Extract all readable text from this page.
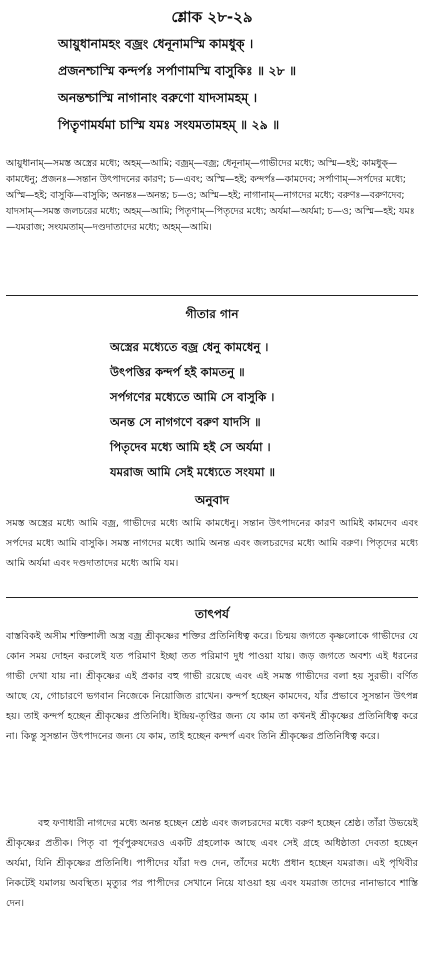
শ্লোক ২৮-২৯
আয়ুধানামহং বজ্রং ধেনূনামস্মি কামধুক্‌ ।
প্রজনশ্চাস্মি কন্দর্পঃ সর্পাণামস্মি বাসুকিঃ ॥ ২৮ ॥
অনন্তশ্চাস্মি নাগানাং বরুণো যাদসামহম্‌ ।
পিতৄণামর্যমা চাস্মি যমঃ সংযমতামহম্‌ ॥ ২৯ ॥
আয়ুধানাম্‌—সমস্ত অস্ত্রের মধ্যে; অহম্‌—আমি; বজ্রম্‌—বজ্র; ধেনূনাম্‌—গাভীদের মধ্যে; অস্মি—হই; কামধুক্‌—কামধেনু; প্রজনঃ—সন্তান উৎপাদনের কারণ; চ—এবং; অস্মি—হই; কন্দর্পঃ—কামদেব; সর্পাণাম্‌—সর্পদের মধ্যে; অস্মি—হই; বাসুকি—বাসুকি; অনন্তঃ—অনন্ত; চ—ও; অস্মি—হই; নাগানাম্‌—নাগদের মধ্যে; বরুণঃ—বরুণদেব; যাদসাম্‌—সমস্ত জলচরের মধ্যে; অহম্‌—আমি; পিতৄণাম্‌—পিতৃদের মধ্যে; অর্যমা—অর্যমা; চ—ও; অস্মি—হই; যমঃ—যমরাজ; সংযমতাম্‌—দণ্ডদাতাদের মধ্যে; অহম্‌—আমি।
গীতার গান
অস্ত্রের মধ্যেতে বজ্র ধেনু কামধেনু ।
উৎপত্তির কন্দর্প হই কামতনু ॥
সর্পগণের মধ্যেতে আমি সে বাসুকি ।
অনন্ত সে নাগগণে বরুণ যাদসি ॥
পিতৃদেব মধ্যে আমি হই সে অর্যমা ।
যমরাজ আমি সেই মধ্যেতে সংযমা ॥
অনুবাদ
সমস্ত অস্ত্রের মধ্যে আমি বজ্র, গাভীদের মধ্যে আমি কামধেনু। সন্তান উৎপাদনের কারণ আমিই কামদেব এবং সর্পদের মধ্যে আমি বাসুকি। সমস্ত নাগদের মধ্যে আমি অনন্ত এবং জলচরদের মধ্যে আমি বরুণ। পিতৃদের মধ্যে আমি অর্যমা এবং দণ্ডদাতাদের মধ্যে আমি যম।
তাৎপর্য
বাস্তবিকই অসীম শক্তিশালী অস্ত্র বজ্র শ্রীকৃষ্ণের শক্তির প্রতিনিধিত্ব করে। চিন্ময় জগতে কৃষ্ণলোকে গাভীদের যে কোন সময় দোহন করলেই যত পরিমাণ ইচ্ছা তত পরিমাণ দুধ পাওয়া যায়। জড় জগতে অবশ্য এই ধরনের গাভী দেখা যায় না। শ্রীকৃষ্ণের এই প্রকার বহু গাভী রয়েছে এবং এই সমস্ত গাভীদের বলা হয় সুরভী। বর্ণিত আছে যে, গোচারণে ভগবান নিজেকে নিয়োজিত রাখেন। কন্দর্প হচ্ছেন কামদেব, যাঁর প্রভাবে সুসন্তান উৎপন্ন হয়। তাই কন্দর্প হচ্ছেন শ্রীকৃষ্ণের প্রতিনিধি। ইন্দ্রিয়-তৃপ্তির জন্য যে কাম তা কখনই শ্রীকৃষ্ণের প্রতিনিধিত্ব করে না। কিন্তু সুসন্তান উৎপাদনের জন্য যে কাম, তাই হচ্ছেন কন্দর্প এবং তিনি শ্রীকৃষ্ণের প্রতিনিধিত্ব করে।
বহু ফণাধারী নাগদের মধ্যে অনন্ত হচ্ছেন শ্রেষ্ঠ এবং জলচরদের মধ্যে বরুণ হচ্ছেন শ্রেষ্ঠ। তাঁরা উভয়েই শ্রীকৃষ্ণের প্রতীক। পিতৃ বা পূর্বপুরুষদেরও একটি গ্রহলোক আছে এবং সেই গ্রহে অধিষ্ঠাতা দেবতা হচ্ছেন অর্যমা, যিনি শ্রীকৃষ্ণের প্রতিনিধি। পাপীদের যাঁরা দণ্ড দেন, তাঁদের মধ্যে প্রধান হচ্ছেন যমরাজ। এই পৃথিবীর নিকটেই যমালয় অবস্থিত। মৃত্যুর পর পাপীদের সেখানে নিয়ে যাওয়া হয় এবং যমরাজ তাদের নানাভাবে শাস্তি দেন।
